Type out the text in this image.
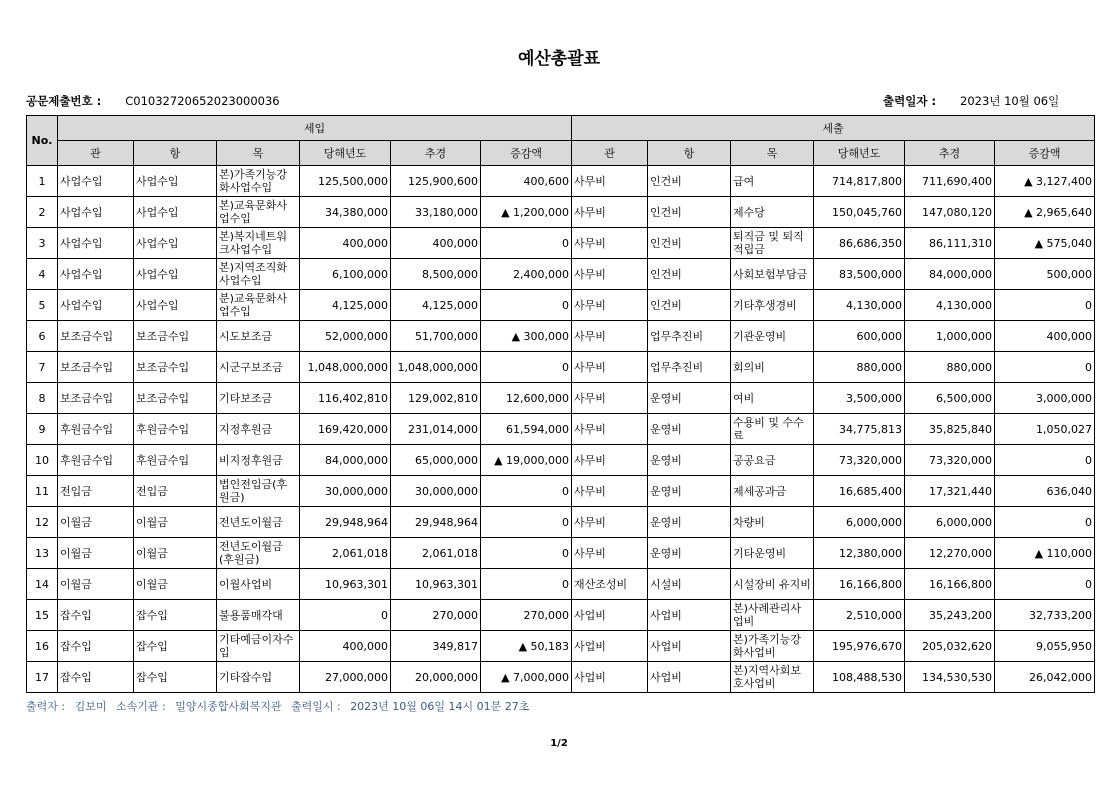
예산총괄표
공문제출번호 : C01032720652023000036	출력일자 : 2023년 10월 06일
No.	세입						세출					
	관	항	목	당해년도	추경	증감액	관	항	목	당해년도	추경	증감액
1	사업수입	사업수입	본)가족기능강화사업수입	125,500,000	125,900,600	400,600	사무비	인건비	급여	714,817,800	711,690,400	▲ 3,127,400
2	사업수입	사업수입	본)교육문화사업수입	34,380,000	33,180,000	▲ 1,200,000	사무비	인건비	제수당	150,045,760	147,080,120	▲ 2,965,640
3	사업수입	사업수입	본)복지네트워크사업수입	400,000	400,000	0	사무비	인건비	퇴직금 및 퇴직적립금	86,686,350	86,111,310	▲ 575,040
4	사업수입	사업수입	본)지역조직화사업수입	6,100,000	8,500,000	2,400,000	사무비	인건비	사회보험부담금	83,500,000	84,000,000	500,000
5	사업수입	사업수입	분)교육문화사업수입	4,125,000	4,125,000	0	사무비	인건비	기타후생경비	4,130,000	4,130,000	0
6	보조금수입	보조금수입	시도보조금	52,000,000	51,700,000	▲ 300,000	사무비	업무추진비	기관운영비	600,000	1,000,000	400,000
7	보조금수입	보조금수입	시군구보조금	1,048,000,000	1,048,000,000	0	사무비	업무추진비	회의비	880,000	880,000	0
8	보조금수입	보조금수입	기타보조금	116,402,810	129,002,810	12,600,000	사무비	운영비	여비	3,500,000	6,500,000	3,000,000
9	후원금수입	후원금수입	지정후원금	169,420,000	231,014,000	61,594,000	사무비	운영비	수용비 및 수수료	34,775,813	35,825,840	1,050,027
10	후원금수입	후원금수입	비지정후원금	84,000,000	65,000,000	▲ 19,000,000	사무비	운영비	공공요금	73,320,000	73,320,000	0
11	전입금	전입금	법인전입금(후원금)	30,000,000	30,000,000	0	사무비	운영비	제세공과금	16,685,400	17,321,440	636,040
12	이월금	이월금	전년도이월금	29,948,964	29,948,964	0	사무비	운영비	차량비	6,000,000	6,000,000	0
13	이월금	이월금	전년도이월금(후원금)	2,061,018	2,061,018	0	사무비	운영비	기타운영비	12,380,000	12,270,000	▲ 110,000
14	이월금	이월금	이월사업비	10,963,301	10,963,301	0	재산조성비	시설비	시설장비 유지비	16,166,800	16,166,800	0
15	잡수입	잡수입	불용품매각대	0	270,000	270,000	사업비	사업비	본)사례관리사업비	2,510,000	35,243,200	32,733,200
16	잡수입	잡수입	기타예금이자수입	400,000	349,817	▲ 50,183	사업비	사업비	본)가족기능강화사업비	195,976,670	205,032,620	9,055,950
17	잡수입	잡수입	기타잡수입	27,000,000	20,000,000	▲ 7,000,000	사업비	사업비	본)지역사회보호사업비	108,488,530	134,530,530	26,042,000
출력자 : 김보미 소속기관 : 밀양시종합사회복지관 출력일시 : 2023년 10월 06일 14시 01분 27초
1/2
